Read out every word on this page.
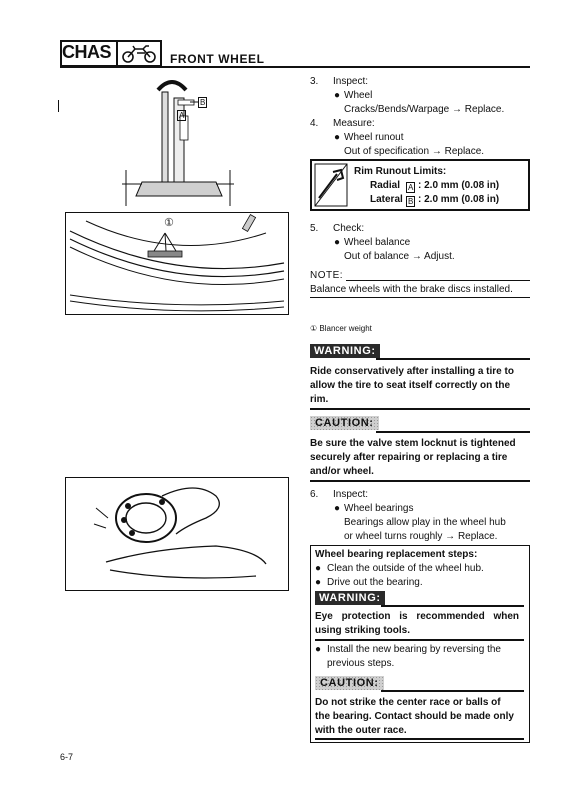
CHAS	FRONT WHEEL
B
A
①
① Blancer weight
3. Inspect:
● Wheel
Cracks/Bends/Warpage → Replace.
4. Measure:
● Wheel runout
Out of specification → Replace.
Rim Runout Limits:
Radial A : 2.0 mm (0.08 in)
Lateral B : 2.0 mm (0.08 in)
5. Check:
● Wheel balance
Out of balance → Adjust.
NOTE:
Balance wheels with the brake discs installed.
WARNING:
Ride conservatively after installing a tire to
allow the tire to seat itself correctly on the
rim.
CAUTION:
Be sure the valve stem locknut is tightened
securely after repairing or replacing a tire
and/or wheel.
6. Inspect:
● Wheel bearings
Bearings allow play in the wheel hub
or wheel turns roughly → Replace.
Wheel bearing replacement steps:
● Clean the outside of the wheel hub.
● Drive out the bearing.
WARNING:
Eye protection is recommended when
using striking tools.
● Install the new bearing by reversing the
previous steps.
CAUTION:
Do not strike the center race or balls of
the bearing. Contact should be made only
with the outer race.
6-7
